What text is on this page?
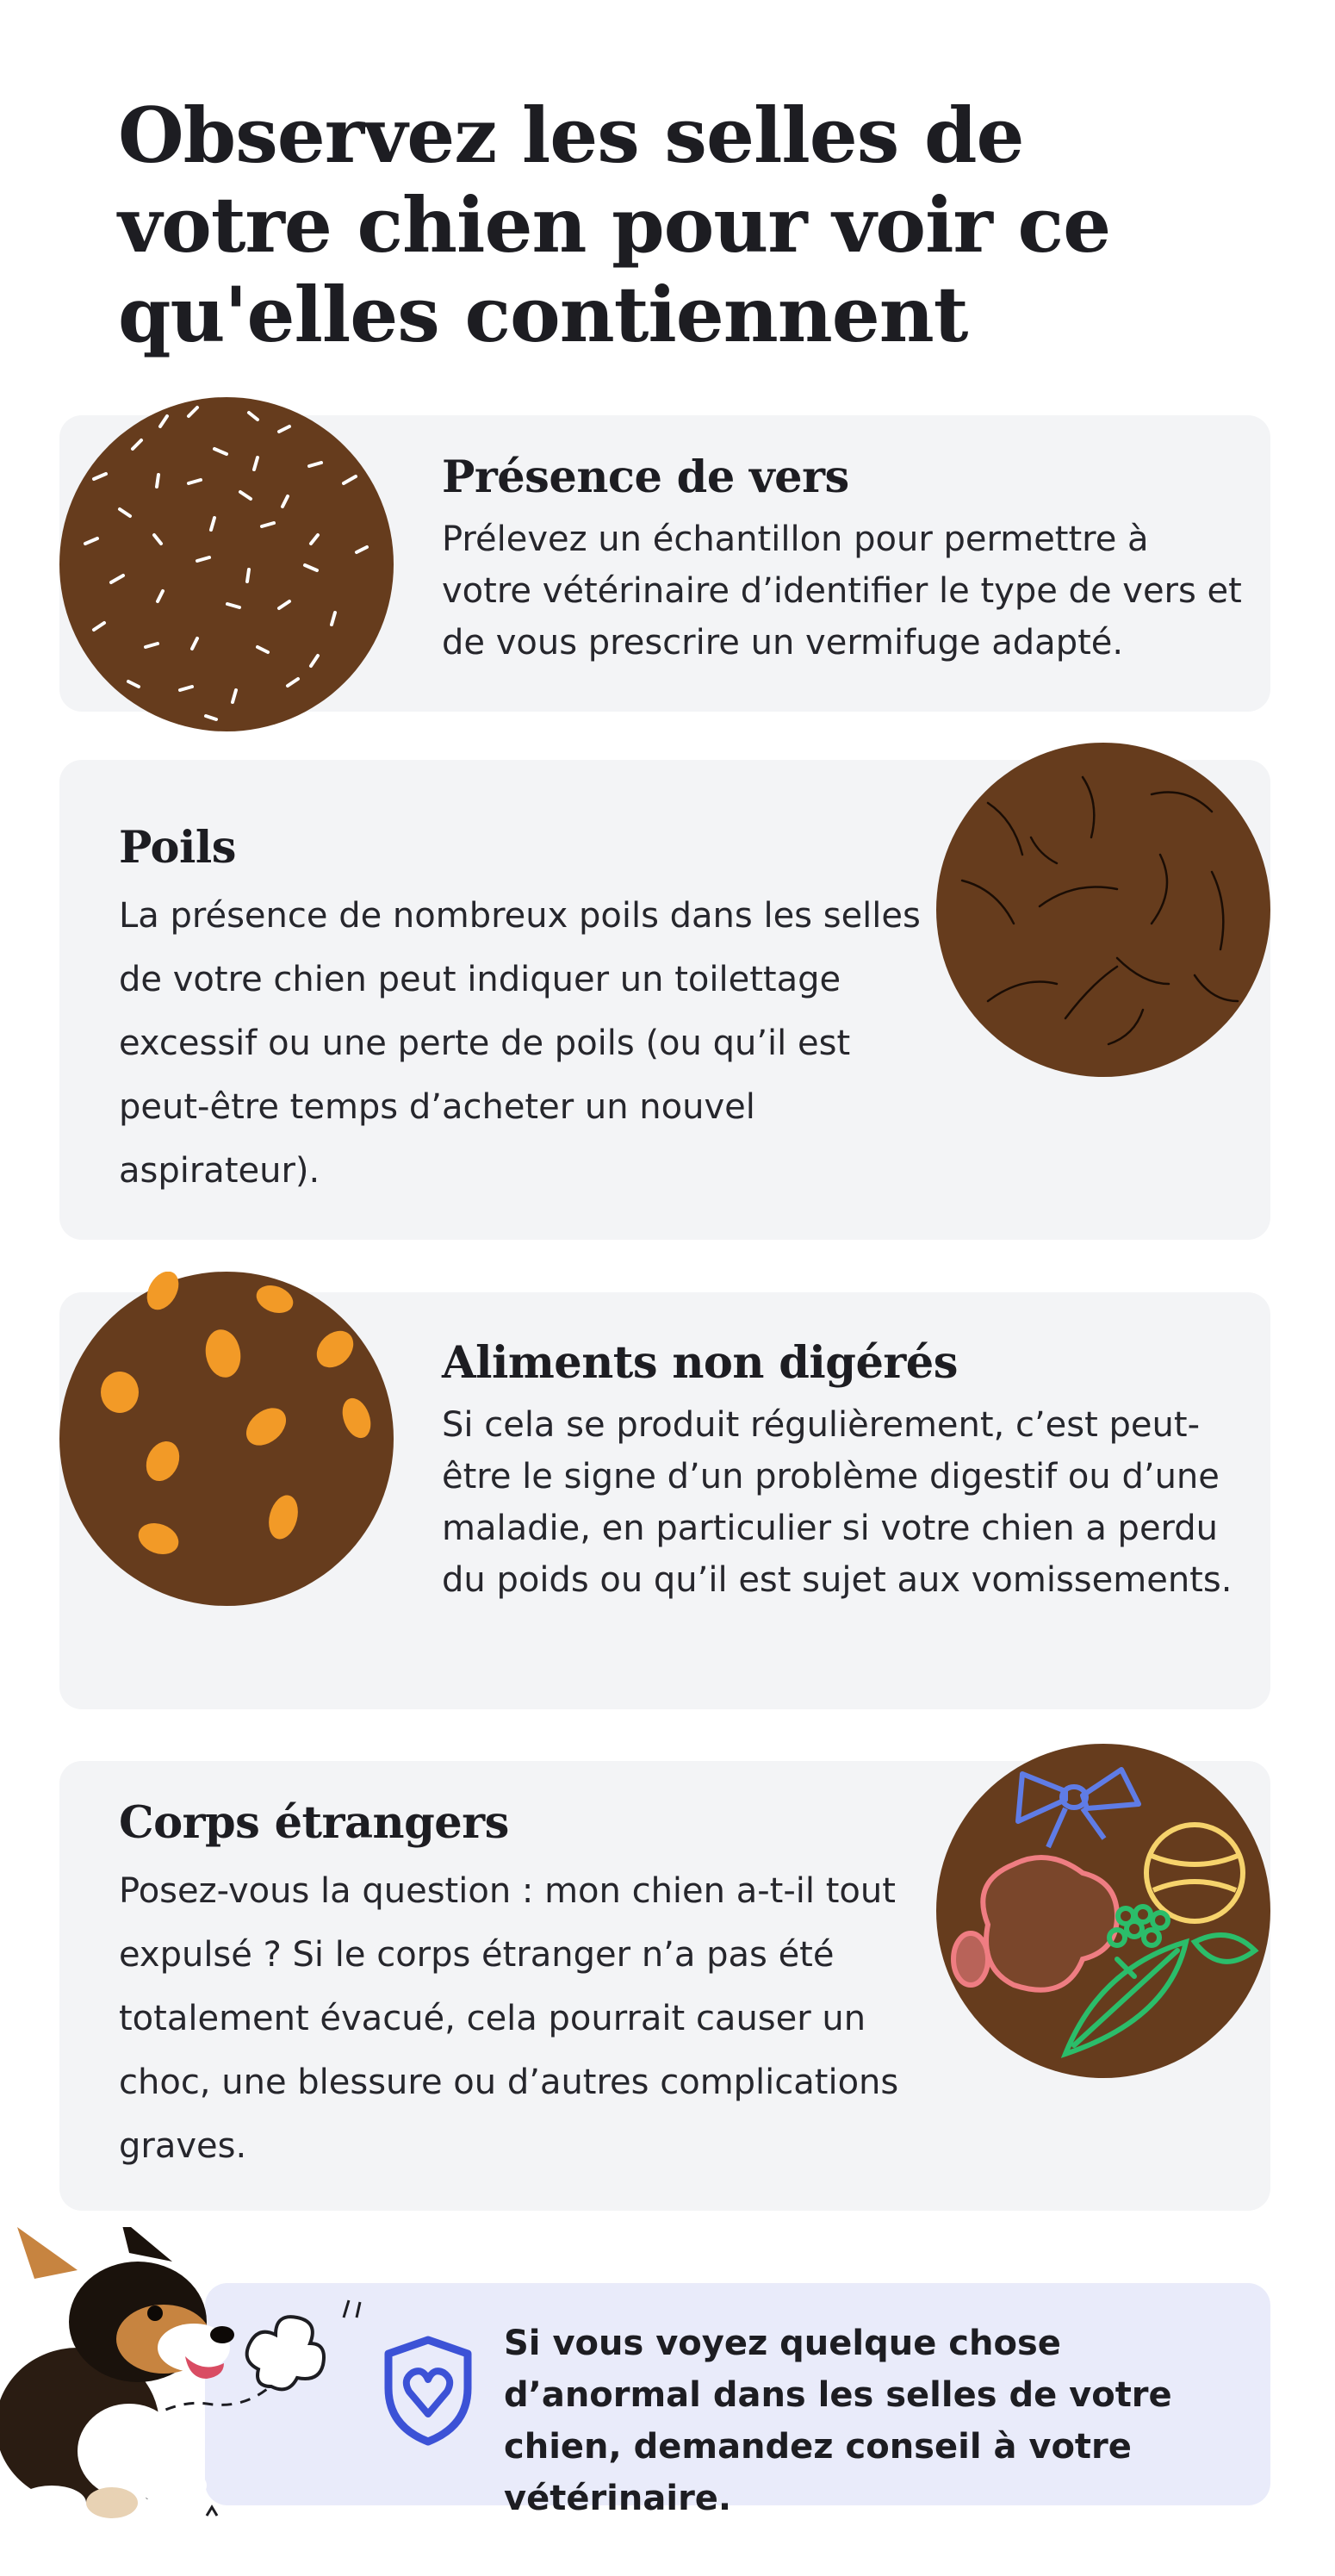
Observez les selles de votre chien pour voir ce qu'elles contiennent
Présence de vers

Prélevez un échantillon pour permettre à votre vétérinaire d’identifier le type de vers et de vous prescrire un vermifuge adapté.

Poils

La présence de nombreux poils dans les selles de votre chien peut indiquer un toilettage excessif ou une perte de poils (ou qu’il est peut-être temps d’acheter un nouvel aspirateur).

Aliments non digérés

Si cela se produit régulièrement, c’est peut-être le signe d’un problème digestif ou d’une maladie, en particulier si votre chien a perdu du poids ou qu’il est sujet aux vomissements.

Corps étrangers

Posez-vous la question : mon chien a-t-il tout expulsé ? Si le corps étranger n’a pas été totalement évacué, cela pourrait causer un choc, une blessure ou d’autres complications graves.

Si vous voyez quelque chose d’anormal dans les selles de votre chien, demandez conseil à votre vétérinaire.
